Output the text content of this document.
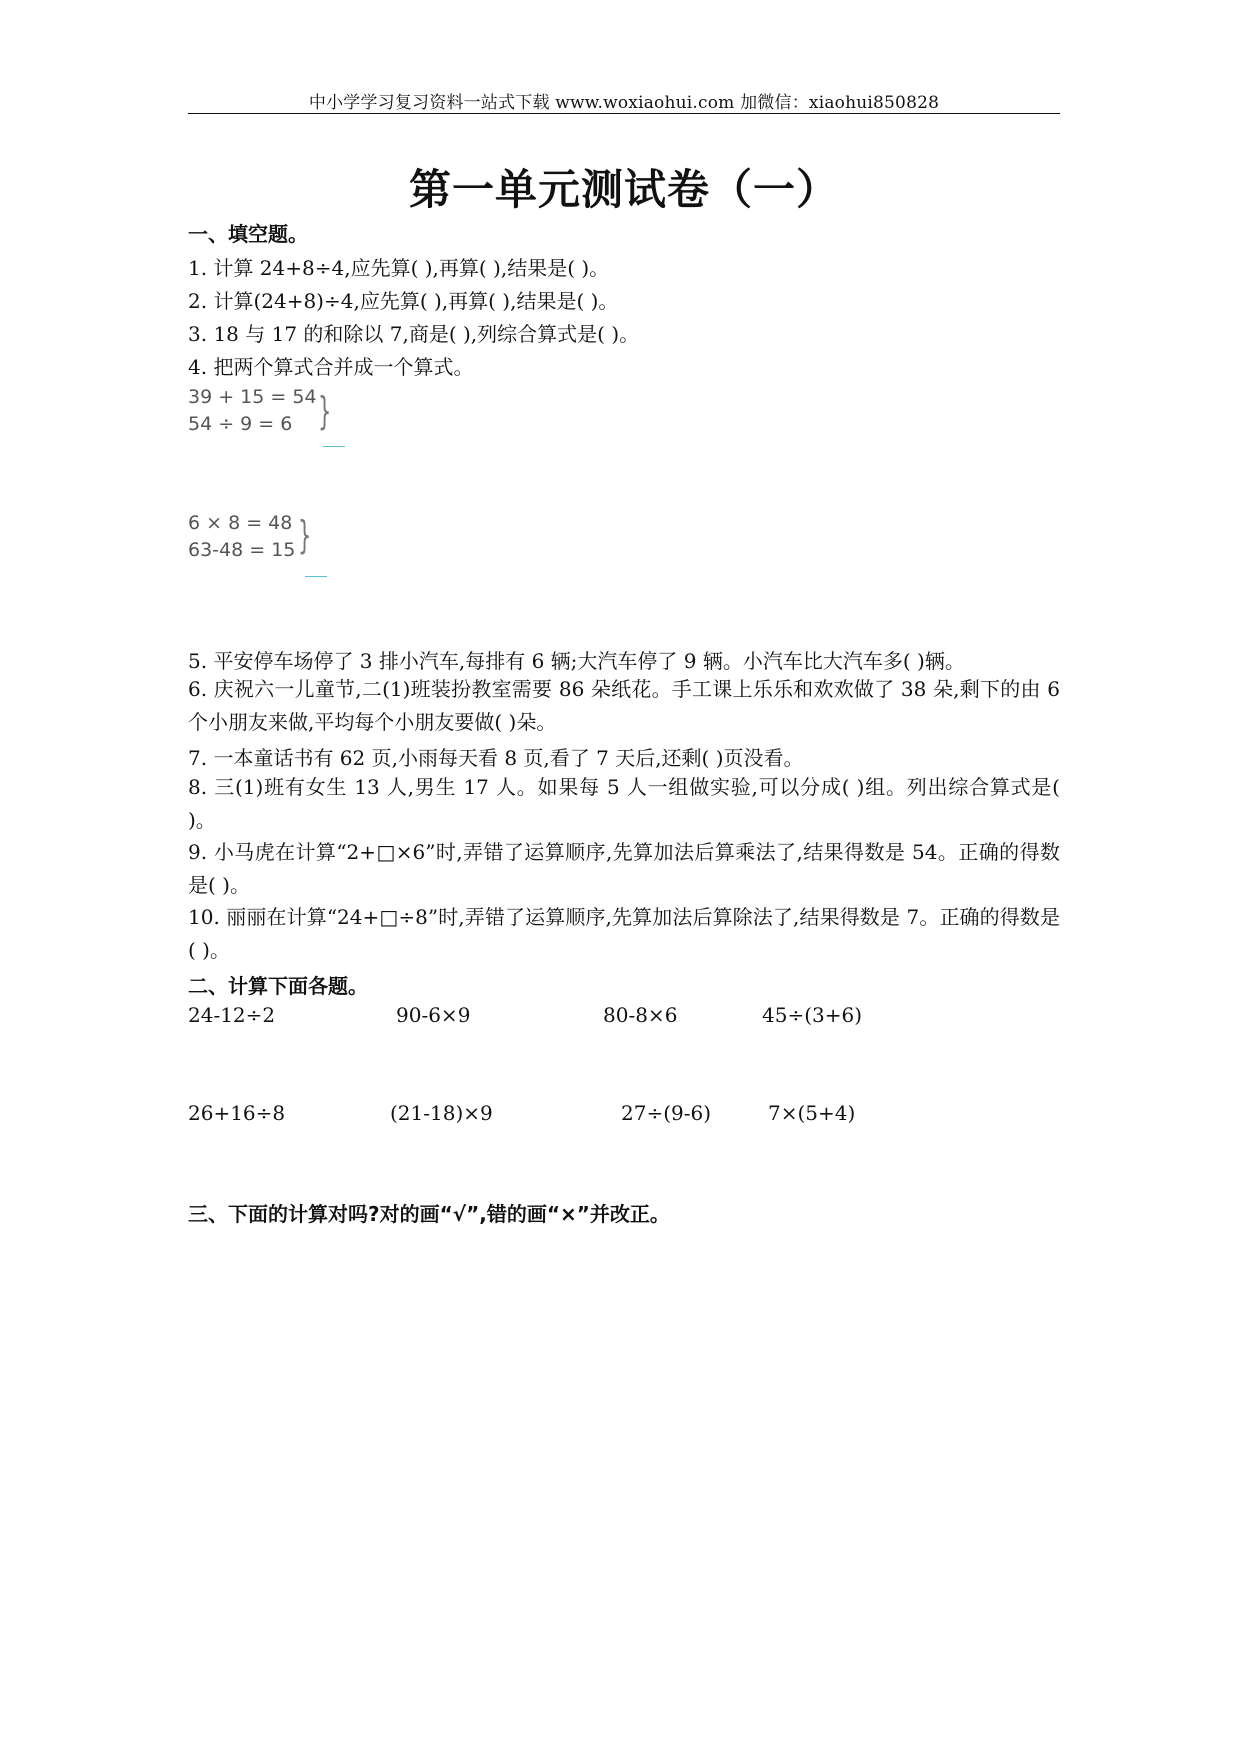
中小学学习复习资料一站式下载 www.woxiaohui.com 加微信：xiaohui850828
第一单元测试卷（一）
一、填空题。
1. 计算 24+8÷4,应先算( ),再算( ),结果是( )。
2. 计算(24+8)÷4,应先算( ),再算( ),结果是( )。
3. 18 与 17 的和除以 7,商是( ),列综合算式是( )。
4. 把两个算式合并成一个算式。
39 + 15 = 54
54 ÷ 9 = 6 }
6 × 8 = 48
63-48 = 15 }
5. 平安停车场停了 3 排小汽车,每排有 6 辆;大汽车停了 9 辆。小汽车比大汽车多( )辆。
6. 庆祝六一儿童节,二(1)班装扮教室需要 86 朵纸花。手工课上乐乐和欢欢做了 38 朵,剩下的由 6 个小朋友来做,平均每个小朋友要做( )朵。
7. 一本童话书有 62 页,小雨每天看 8 页,看了 7 天后,还剩( )页没看。
8. 三(1)班有女生 13 人,男生 17 人。如果每 5 人一组做实验,可以分成( )组。列出综合算式是( )。
9. 小马虎在计算“2+□×6”时,弄错了运算顺序,先算加法后算乘法了,结果得数是 54。正确的得数是( )。
10. 丽丽在计算“24+□÷8”时,弄错了运算顺序,先算加法后算除法了,结果得数是 7。正确的得数是( )。
二、计算下面各题。
24-12÷2	90-6×9	80-8×6	45÷(3+6)
26+16÷8	(21-18)×9	27÷(9-6)	7×(5+4)
三、下面的计算对吗?对的画“√”,错的画“×”并改正。
